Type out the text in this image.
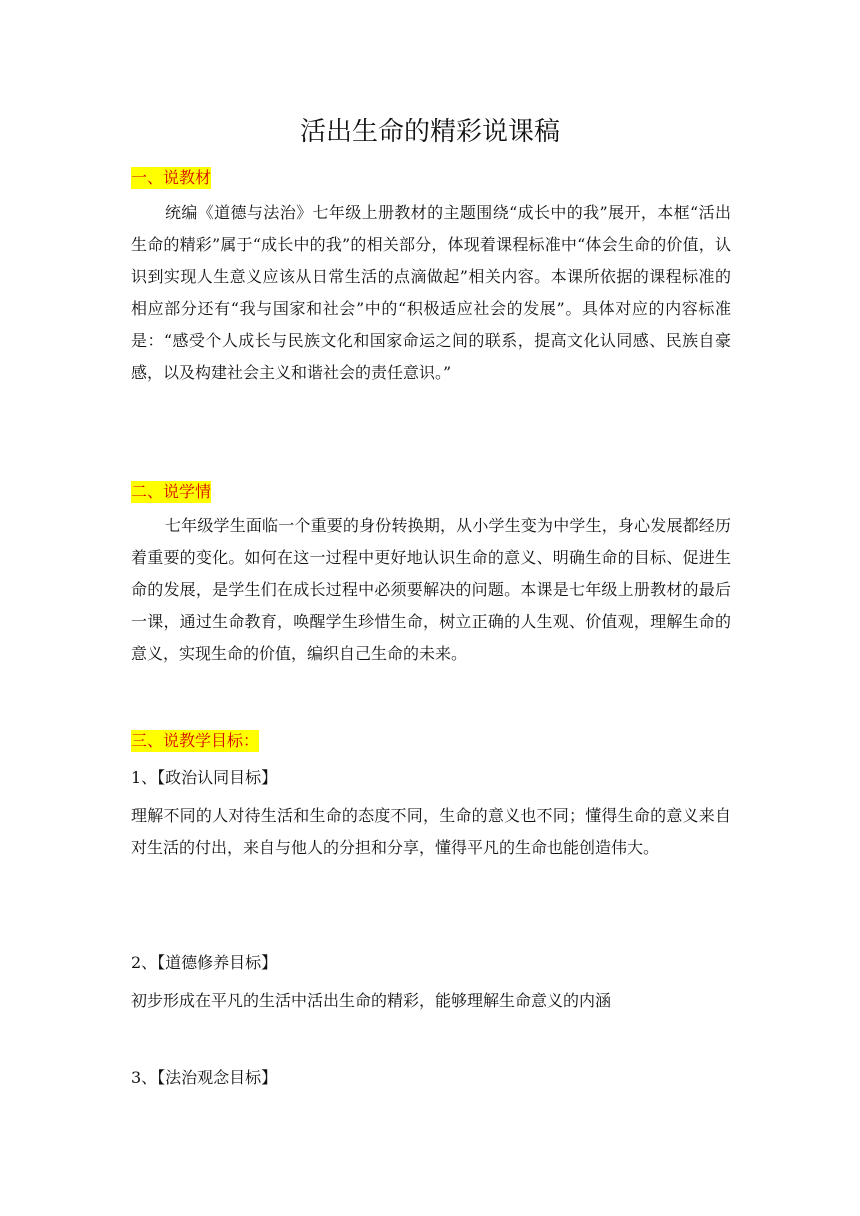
活出生命的精彩说课稿
一、说教材

统编《道德与法治》七年级上册教材的主题围绕“成长中的我”展开，本框“活出生命的精彩”属于“成长中的我”的相关部分，体现着课程标准中“体会生命的价值，认识到实现人生意义应该从日常生活的点滴做起”相关内容。本课所依据的课程标准的相应部分还有“我与国家和社会”中的“积极适应社会的发展”。具体对应的内容标准是：“感受个人成长与民族文化和国家命运之间的联系，提高文化认同感、民族自豪感，以及构建社会主义和谐社会的责任意识。”

二、说学情

七年级学生面临一个重要的身份转换期，从小学生变为中学生，身心发展都经历着重要的变化。如何在这一过程中更好地认识生命的意义、明确生命的目标、促进生命的发展，是学生们在成长过程中必须要解决的问题。本课是七年级上册教材的最后一课，通过生命教育，唤醒学生珍惜生命，树立正确的人生观、价值观，理解生命的意义，实现生命的价值，编织自己生命的未来。

三、说教学目标：

1、【政治认同目标】

理解不同的人对待生活和生命的态度不同，生命的意义也不同；懂得生命的意义来自对生活的付出，来自与他人的分担和分享，懂得平凡的生命也能创造伟大。

2、【道德修养目标】

初步形成在平凡的生活中活出生命的精彩，能够理解生命意义的内涵

3、【法治观念目标】
